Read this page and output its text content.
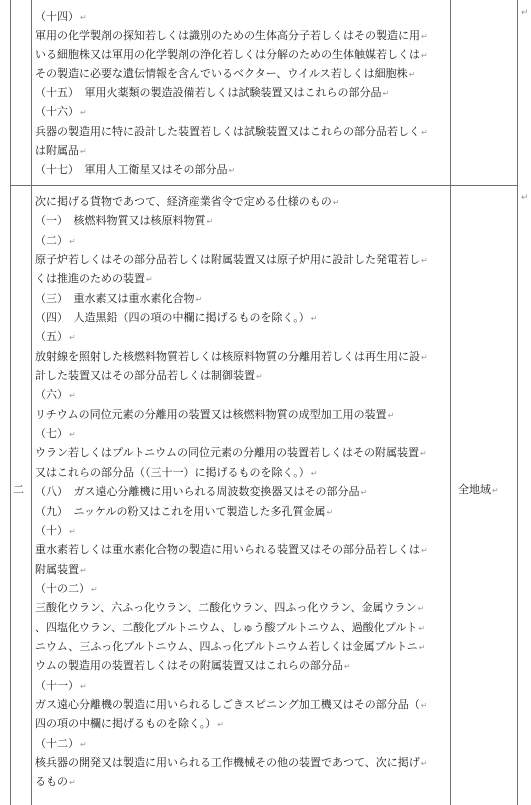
（十四）↵
軍用の化学製剤の探知若しくは識別のための生体高分子若しくはその製造に用↵
いる細胞株又は軍用の化学製剤の浄化若しくは分解のための生体触媒若しくは↵
その製造に必要な遺伝情報を含んでいるベクター、ウイルス若しくは細胞株↵
（十五）　軍用火薬類の製造設備若しくは試験装置又はこれらの部分品↵
（十六）↵
兵器の製造用に特に設計した装置若しくは試験装置又はこれらの部分品若しく↵
は附属品↵
（十七）　軍用人工衛星又はその部分品↵
二
次に掲げる貨物であつて、経済産業省令で定める仕様のもの↵
（一）　核燃料物質又は核原料物質↵
（二）↵
原子炉若しくはその部分品若しくは附属装置又は原子炉用に設計した発電若し↵
くは推進のための装置↵
（三）　重水素又は重水素化合物↵
（四）　人造黒鉛（四の項の中欄に掲げるものを除く。）↵
（五）↵
放射線を照射した核燃料物質若しくは核原料物質の分離用若しくは再生用に設↵
計した装置又はその部分品若しくは制御装置↵
（六）↵
リチウムの同位元素の分離用の装置又は核燃料物質の成型加工用の装置↵
（七）↵
ウラン若しくはプルトニウムの同位元素の分離用の装置若しくはその附属装置↵
又はこれらの部分品（（三十一）に掲げるものを除く。）↵
（八）　ガス遠心分離機に用いられる周波数変換器又はその部分品↵
（九）　ニッケルの粉又はこれを用いて製造した多孔質金属↵
（十）↵
重水素若しくは重水素化合物の製造に用いられる装置又はその部分品若しくは↵
附属装置↵
（十の二）↵
三酸化ウラン、六ふっ化ウラン、二酸化ウラン、四ふっ化ウラン、金属ウラン↵
、四塩化ウラン、二酸化プルトニウム、しゅう酸プルトニウム、過酸化プルト↵
ニウム、三ふっ化プルトニウム、四ふっ化プルトニウム若しくは金属プルトニ↵
ウムの製造用の装置若しくはその附属装置又はこれらの部分品↵
（十一）↵
ガス遠心分離機の製造に用いられるしごきスピニング加工機又はその部分品（↵
四の項の中欄に掲げるものを除く。）↵
（十二）↵
核兵器の開発又は製造に用いられる工作機械その他の装置であつて、次に掲げ↵
るもの↵
全地域↵
↵
↵
